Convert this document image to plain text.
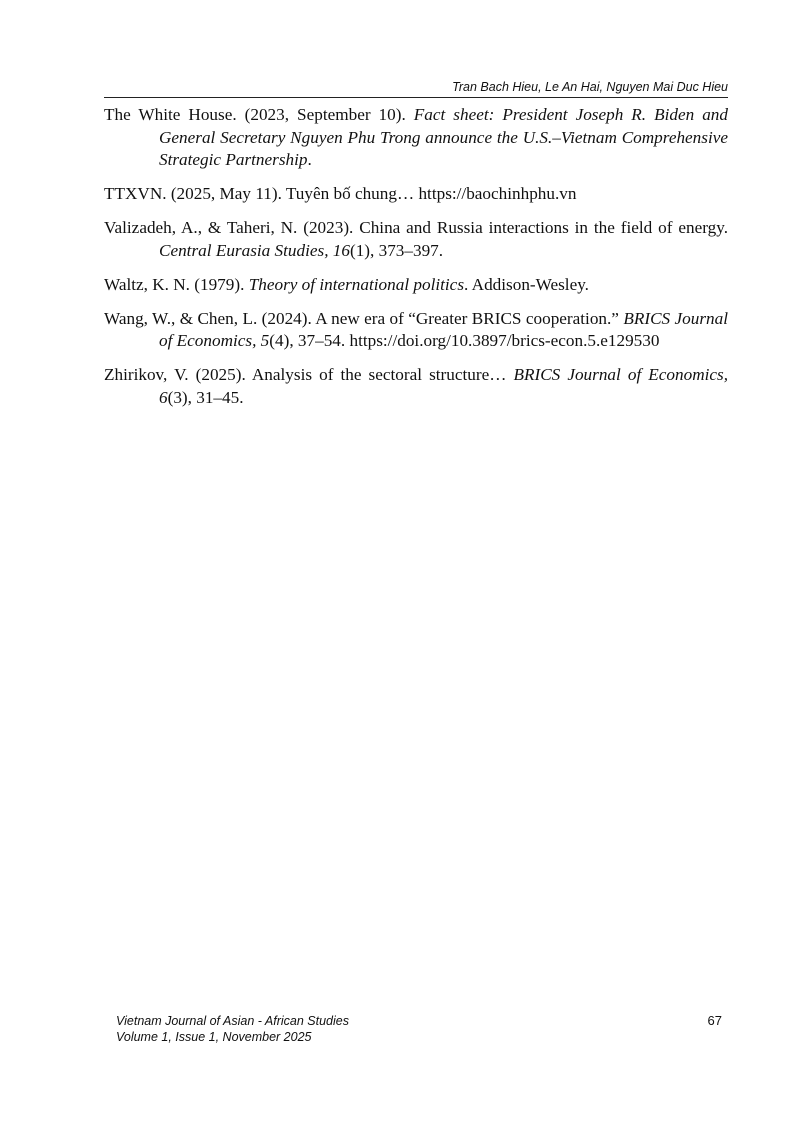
Tran Bach Hieu, Le An Hai, Nguyen Mai Duc Hieu

The White House. (2023, September 10). Fact sheet: President Joseph R. Biden and General Secretary Nguyen Phu Trong announce the U.S.–Vietnam Comprehensive Strategic Partnership.

TTXVN. (2025, May 11). Tuyên bố chung… https://baochinhphu.vn

Valizadeh, A., & Taheri, N. (2023). China and Russia interactions in the field of energy. Central Eurasia Studies, 16(1), 373–397.

Waltz, K. N. (1979). Theory of international politics. Addison-Wesley.

Wang, W., & Chen, L. (2024). A new era of “Greater BRICS cooperation.” BRICS Journal of Economics, 5(4), 37–54. https://doi.org/10.3897/brics-econ.5.e129530

Zhirikov, V. (2025). Analysis of the sectoral structure… BRICS Journal of Economics, 6(3), 31–45.

Vietnam Journal of Asian - African Studies
Volume 1, Issue 1, November 2025
67
